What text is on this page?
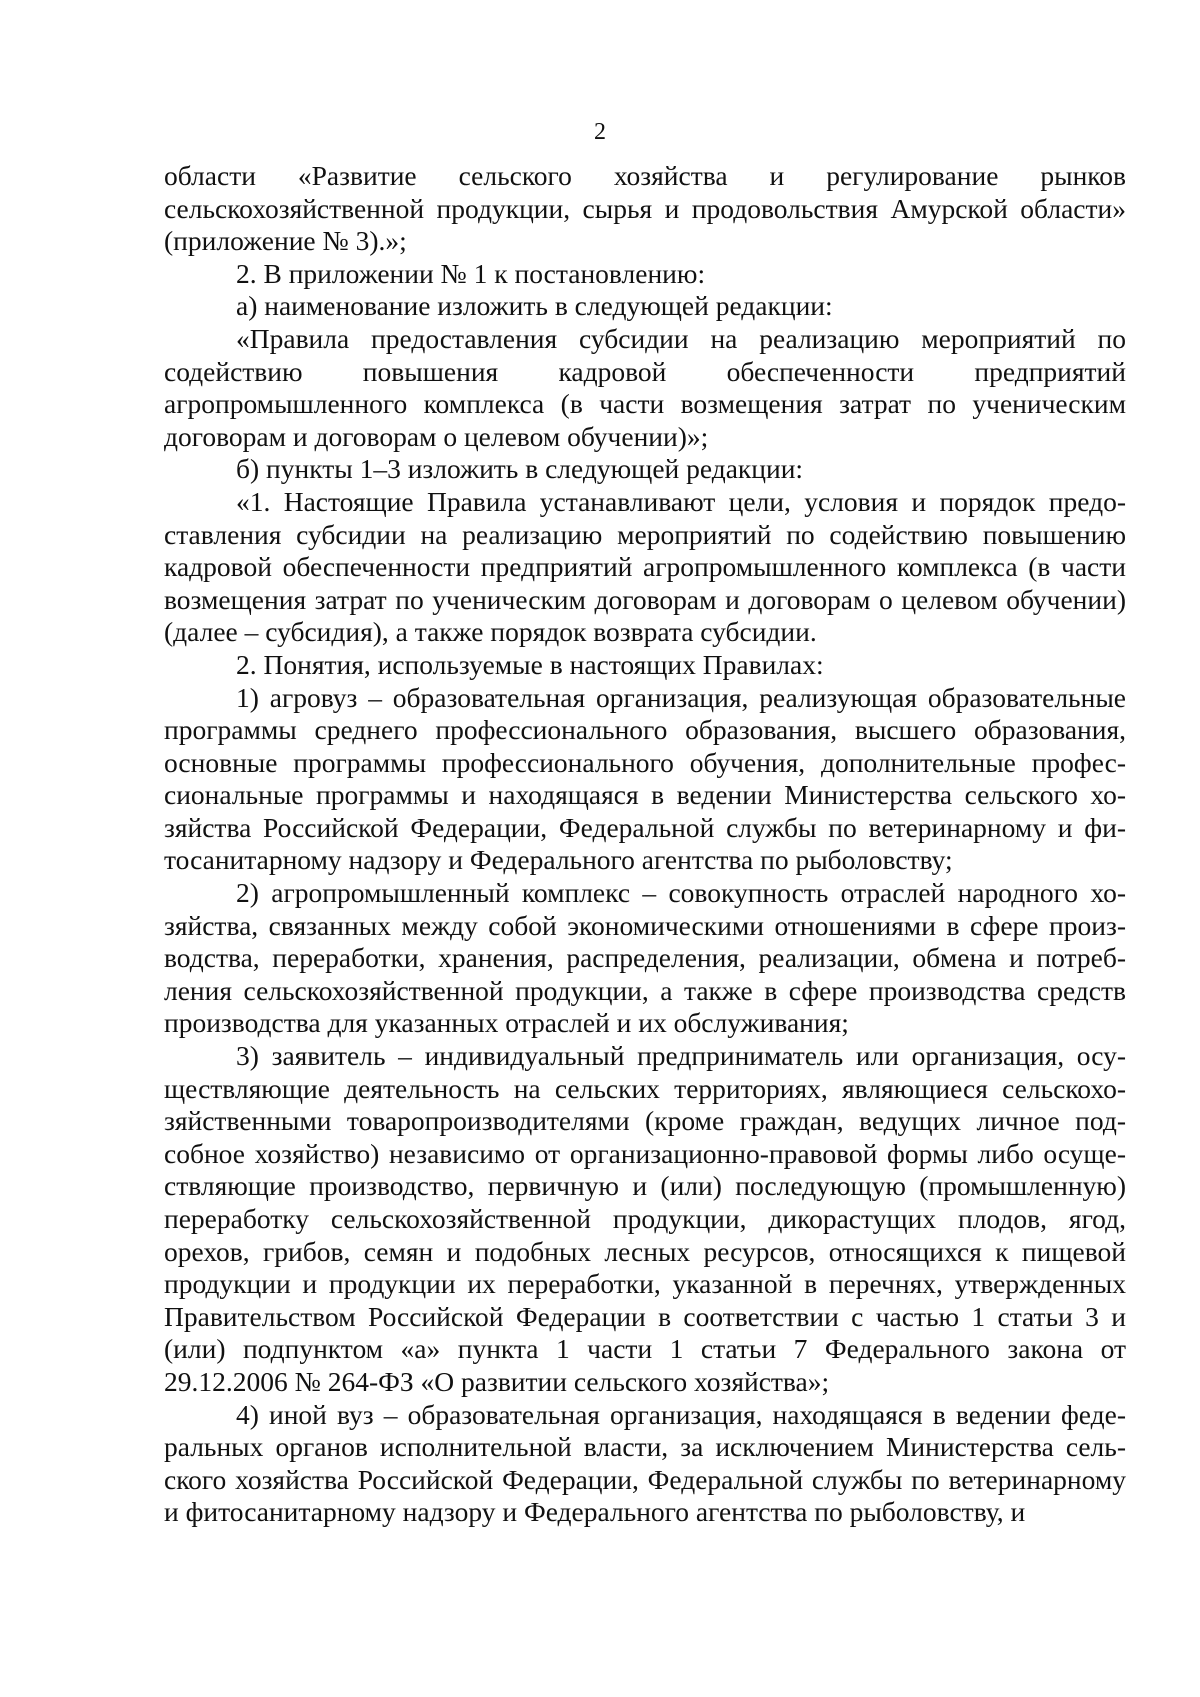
2

области «Развитие сельского хозяйства и регулирование рынков сельскохозяйственной продукции, сырья и продовольствия Амурской области» (приложение № 3).»;

2. В приложении № 1 к постановлению:

а) наименование изложить в следующей редакции:

«Правила предоставления субсидии на реализацию мероприятий по содействию повышения кадровой обеспеченности предприятий агропромышленного комплекса (в части возмещения затрат по ученическим договорам и договорам о целевом обучении)»;

б) пункты 1–3 изложить в следующей редакции:

«1. Настоящие Правила устанавливают цели, условия и порядок предоставления субсидии на реализацию мероприятий по содействию повышению кадровой обеспеченности предприятий агропромышленного комплекса (в части возмещения затрат по ученическим договорам и договорам о целевом обучении) (далее – субсидия), а также порядок возврата субсидии.

2. Понятия, используемые в настоящих Правилах:

1) агровуз – образовательная организация, реализующая образовательные программы среднего профессионального образования, высшего образования, основные программы профессионального обучения, дополнительные профессиональные программы и находящаяся в ведении Министерства сельского хозяйства Российской Федерации, Федеральной службы по ветеринарному и фитосанитарному надзору и Федерального агентства по рыболовству;

2) агропромышленный комплекс – совокупность отраслей народного хозяйства, связанных между собой экономическими отношениями в сфере производства, переработки, хранения, распределения, реализации, обмена и потребления сельскохозяйственной продукции, а также в сфере производства средств производства для указанных отраслей и их обслуживания;

3) заявитель – индивидуальный предприниматель или организация, осуществляющие деятельность на сельских территориях, являющиеся сельскохозяйственными товаропроизводителями (кроме граждан, ведущих личное подсобное хозяйство) независимо от организационно-правовой формы либо осуществляющие производство, первичную и (или) последующую (промышленную) переработку сельскохозяйственной продукции, дикорастущих плодов, ягод, орехов, грибов, семян и подобных лесных ресурсов, относящихся к пищевой продукции и продукции их переработки, указанной в перечнях, утвержденных Правительством Российской Федерации в соответствии с частью 1 статьи 3 и (или) подпунктом «а» пункта 1 части 1 статьи 7 Федерального закона от 29.12.2006 № 264-ФЗ «О развитии сельского хозяйства»;

4) иной вуз – образовательная организация, находящаяся в ведении федеральных органов исполнительной власти, за исключением Министерства сельского хозяйства Российской Федерации, Федеральной службы по ветеринарному и фитосанитарному надзору и Федерального агентства по рыболовству, и
